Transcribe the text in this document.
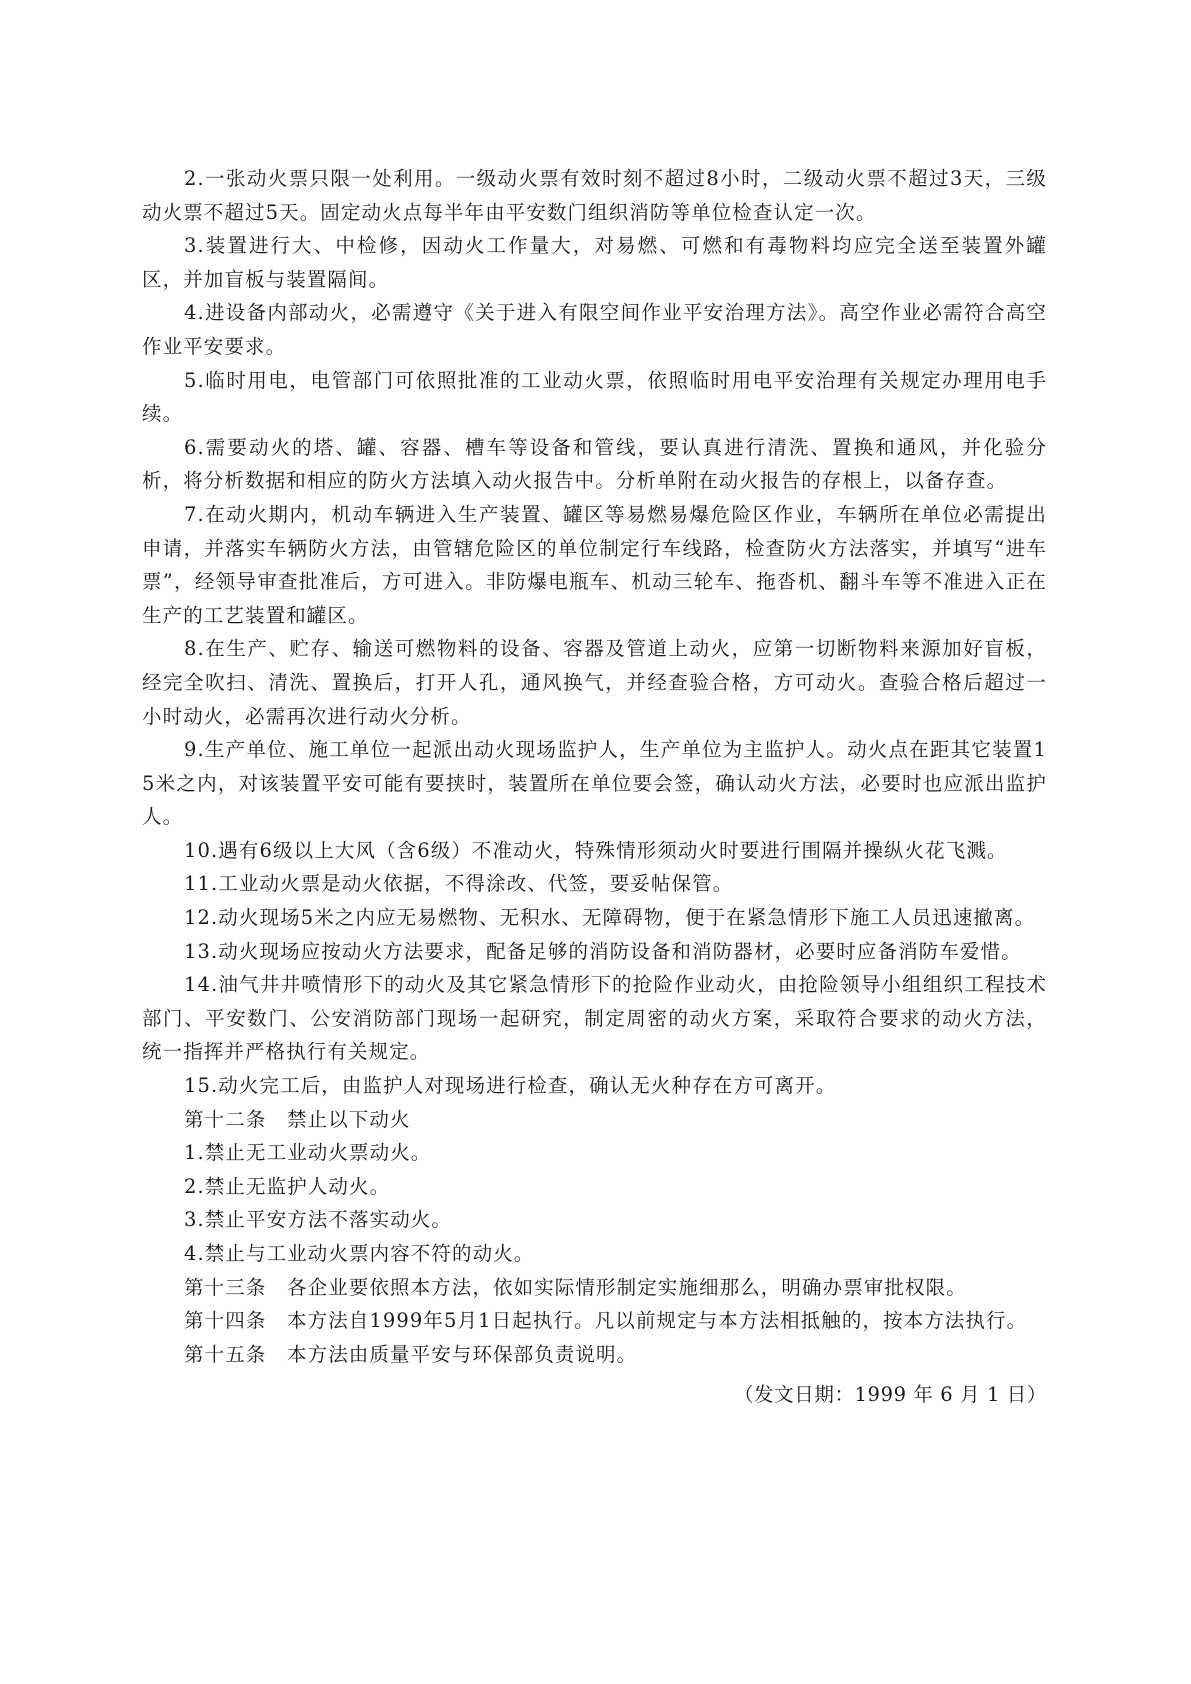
2.一张动火票只限一处利用。一级动火票有效时刻不超过8小时，二级动火票不超过3天，三级动火票不超过5天。固定动火点每半年由平安数门组织消防等单位检查认定一次。

3.装置进行大、中检修，因动火工作量大，对易燃、可燃和有毒物料均应完全送至装置外罐区，并加盲板与装置隔间。

4.进设备内部动火，必需遵守《关于进入有限空间作业平安治理方法》。高空作业必需符合高空作业平安要求。

5.临时用电，电管部门可依照批准的工业动火票，依照临时用电平安治理有关规定办理用电手续。

6.需要动火的塔、罐、容器、槽车等设备和管线，要认真进行清洗、置换和通风，并化验分析，将分析数据和相应的防火方法填入动火报告中。分析单附在动火报告的存根上，以备存查。

7.在动火期内，机动车辆进入生产装置、罐区等易燃易爆危险区作业，车辆所在单位必需提出申请，并落实车辆防火方法，由管辖危险区的单位制定行车线路，检查防火方法落实，并填写“进车票”，经领导审查批准后，方可进入。非防爆电瓶车、机动三轮车、拖沓机、翻斗车等不准进入正在生产的工艺装置和罐区。

8.在生产、贮存、输送可燃物料的设备、容器及管道上动火，应第一切断物料来源加好盲板，经完全吹扫、清洗、置换后，打开人孔，通风换气，并经查验合格，方可动火。查验合格后超过一小时动火，必需再次进行动火分析。

9.生产单位、施工单位一起派出动火现场监护人，生产单位为主监护人。动火点在距其它装置15米之内，对该装置平安可能有要挟时，装置所在单位要会签，确认动火方法，必要时也应派出监护人。

10.遇有6级以上大风（含6级）不准动火，特殊情形须动火时要进行围隔并操纵火花飞溅。

11.工业动火票是动火依据，不得涂改、代签，要妥帖保管。

12.动火现场5米之内应无易燃物、无积水、无障碍物，便于在紧急情形下施工人员迅速撤离。

13.动火现场应按动火方法要求，配备足够的消防设备和消防器材，必要时应备消防车爱惜。

14.油气井井喷情形下的动火及其它紧急情形下的抢险作业动火，由抢险领导小组组织工程技术部门、平安数门、公安消防部门现场一起研究，制定周密的动火方案，采取符合要求的动火方法，统一指挥并严格执行有关规定。

15.动火完工后，由监护人对现场进行检查，确认无火种存在方可离开。

第十二条　禁止以下动火

1.禁止无工业动火票动火。

2.禁止无监护人动火。

3.禁止平安方法不落实动火。

4.禁止与工业动火票内容不符的动火。

第十三条　各企业要依照本方法，依如实际情形制定实施细那么，明确办票审批权限。

第十四条　本方法自1999年5月1日起执行。凡以前规定与本方法相抵触的，按本方法执行。

第十五条　本方法由质量平安与环保部负责说明。

（发文日期：1999 年 6 月 1 日）
